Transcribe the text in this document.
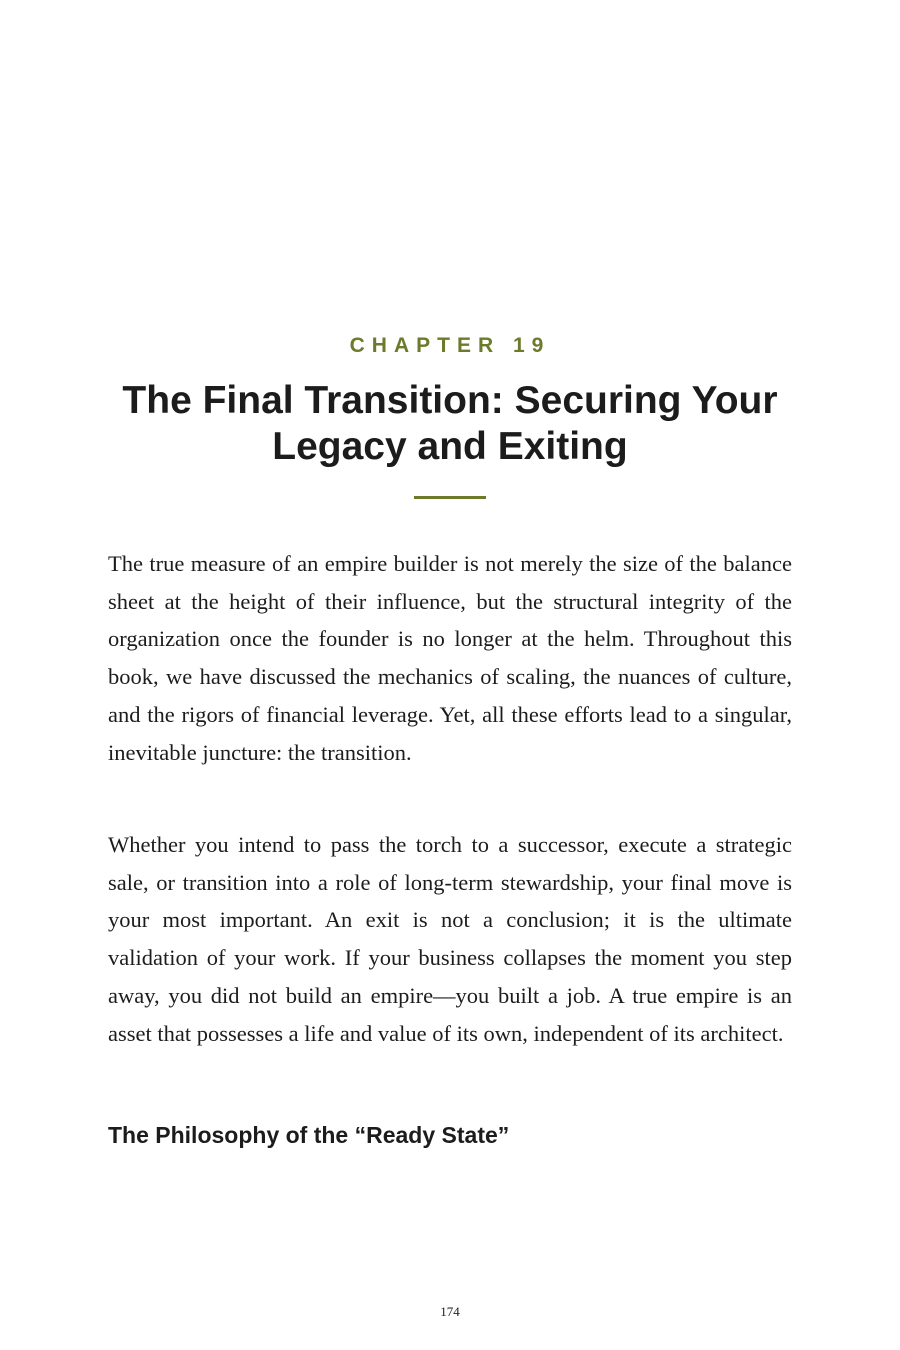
CHAPTER 19
The Final Transition: Securing Your Legacy and Exiting

The true measure of an empire builder is not merely the size of the balance sheet at the height of their influence, but the structural integrity of the organization once the founder is no longer at the helm. Throughout this book, we have discussed the mechanics of scaling, the nuances of culture, and the rigors of financial leverage. Yet, all these efforts lead to a singular, inevitable juncture: the transition.

Whether you intend to pass the torch to a successor, execute a strategic sale, or transition into a role of long-term stewardship, your final move is your most important. An exit is not a conclusion; it is the ultimate validation of your work. If your business collapses the moment you step away, you did not build an empire—you built a job. A true empire is an asset that possesses a life and value of its own, independent of its architect.

The Philosophy of the “Ready State”
174
